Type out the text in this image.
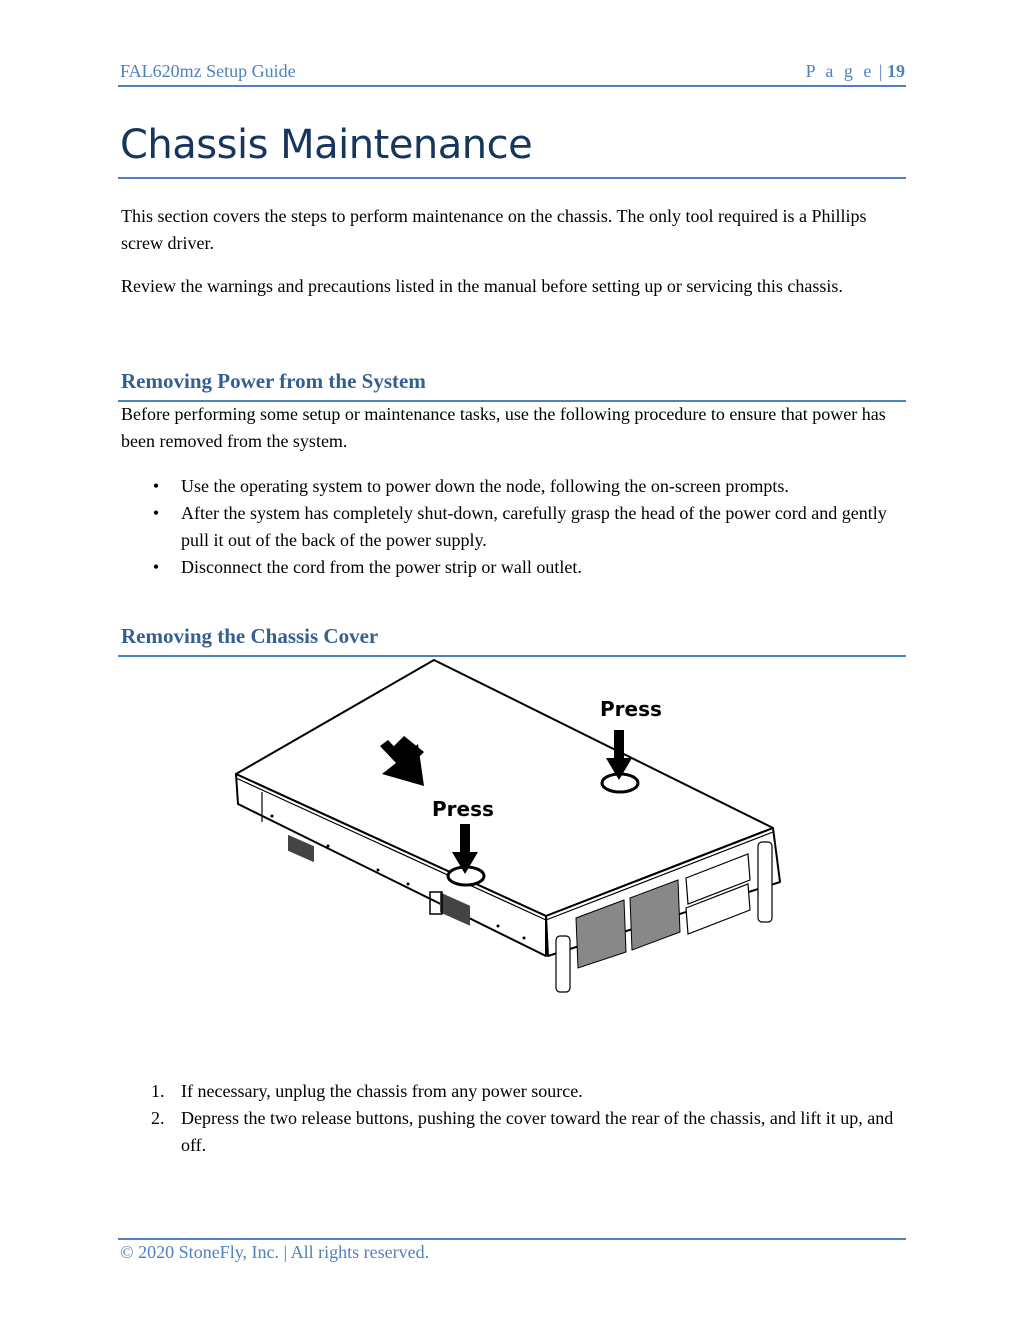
FAL620mz Setup Guide	P a g e | 19
Chassis Maintenance
This section covers the steps to perform maintenance on the chassis. The only tool required is a Phillips screw driver.
Review the warnings and precautions listed in the manual before setting up or servicing this chassis.
Removing Power from the System
Before performing some setup or maintenance tasks, use the following procedure to ensure that power has been removed from the system.
• Use the operating system to power down the node, following the on-screen prompts.
• After the system has completely shut-down, carefully grasp the head of the power cord and gently pull it out of the back of the power supply.
• Disconnect the cord from the power strip or wall outlet.
Removing the Chassis Cover
Press
Press
1. If necessary, unplug the chassis from any power source.
2. Depress the two release buttons, pushing the cover toward the rear of the chassis, and lift it up, and off.
© 2020 StoneFly, Inc. | All rights reserved.
